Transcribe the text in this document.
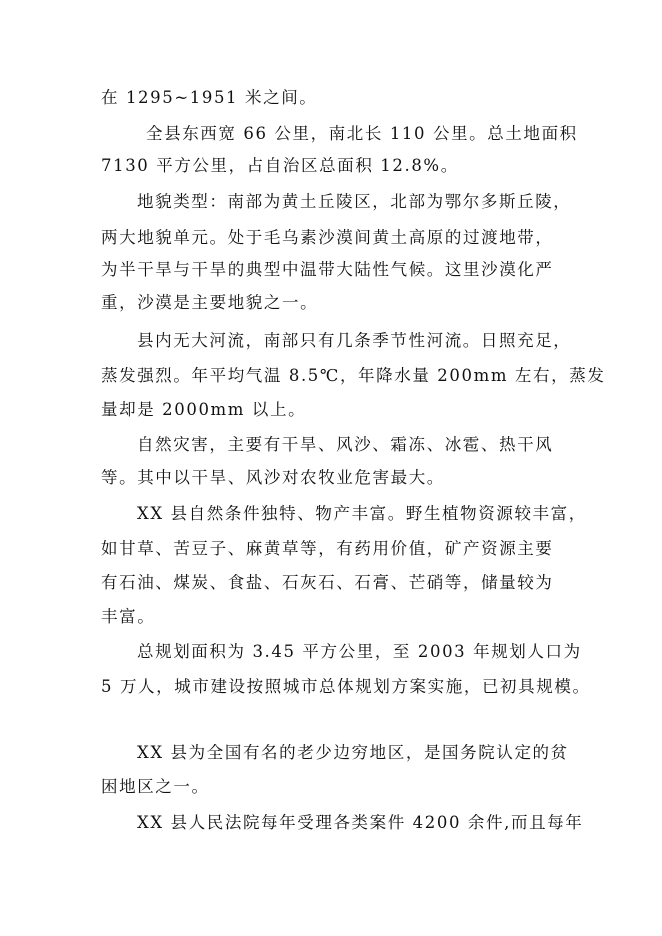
在 1295~1951 米之间。
全县东西宽 66 公里，南北长 110 公里。总土地面积
7130 平方公里，占自治区总面积 12.8%。
地貌类型：南部为黄土丘陵区，北部为鄂尔多斯丘陵，
两大地貌单元。处于毛乌素沙漠间黄土高原的过渡地带，
为半干旱与干旱的典型中温带大陆性气候。这里沙漠化严
重，沙漠是主要地貌之一。
县内无大河流，南部只有几条季节性河流。日照充足，
蒸发强烈。年平均气温 8.5℃，年降水量 200mm 左右，蒸发
量却是 2000mm 以上。
自然灾害，主要有干旱、风沙、霜冻、冰雹、热干风
等。其中以干旱、风沙对农牧业危害最大。
XX 县自然条件独特、物产丰富。野生植物资源较丰富，
如甘草、苦豆子、麻黄草等，有药用价值，矿产资源主要
有石油、煤炭、食盐、石灰石、石膏、芒硝等，储量较为
丰富。
总规划面积为 3.45 平方公里，至 2003 年规划人口为
5 万人，城市建设按照城市总体规划方案实施，已初具规模。
XX 县为全国有名的老少边穷地区，是国务院认定的贫
困地区之一。
XX 县人民法院每年受理各类案件 4200 余件,而且每年
